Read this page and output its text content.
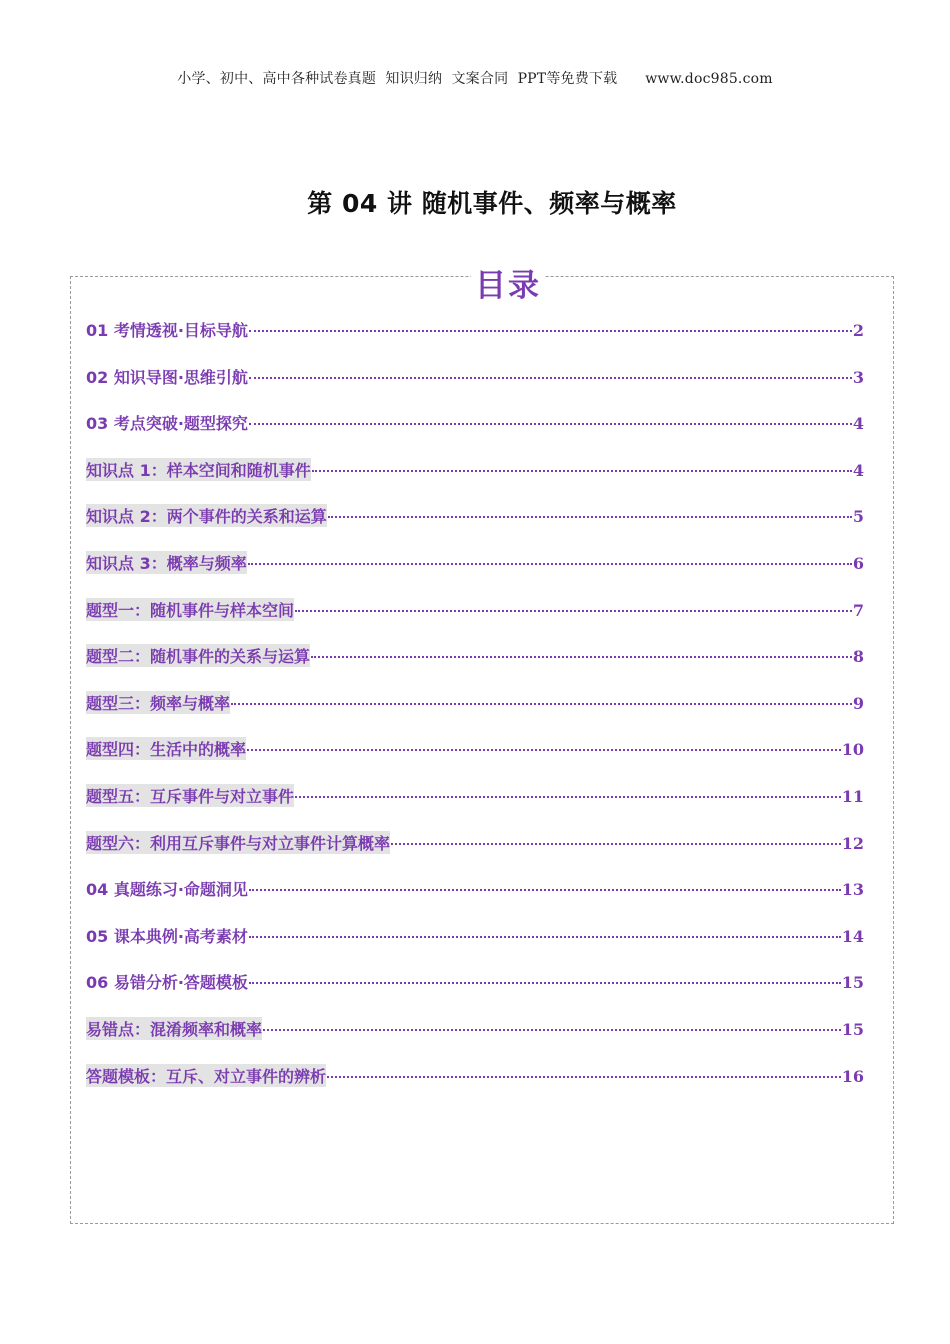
小学、初中、高中各种试卷真题  知识归纳  文案合同  PPT等免费下载      www.doc985.com
第 04 讲 随机事件、频率与概率
目录
01 考情透视·目标导航	2
02 知识导图·思维引航	3
03 考点突破·题型探究	4
知识点 1：样本空间和随机事件	4
知识点 2：两个事件的关系和运算	5
知识点 3：概率与频率	6
题型一：随机事件与样本空间	7
题型二：随机事件的关系与运算	8
题型三：频率与概率	9
题型四：生活中的概率	10
题型五：互斥事件与对立事件	11
题型六：利用互斥事件与对立事件计算概率	12
04 真题练习·命题洞见	13
05 课本典例·高考素材	14
06 易错分析·答题模板	15
易错点：混淆频率和概率	15
答题模板：互斥、对立事件的辨析	16
